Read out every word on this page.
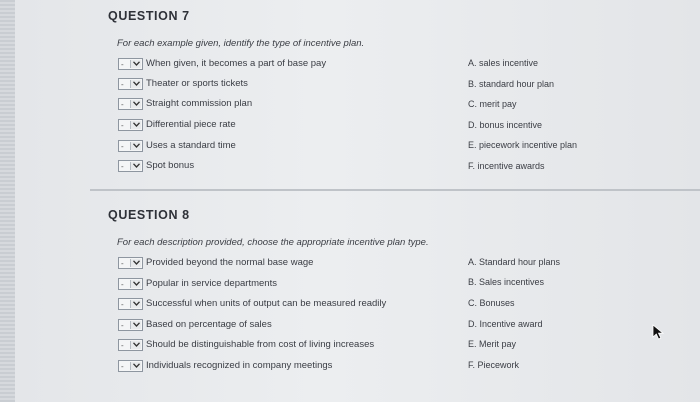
QUESTION 7
For each example given, identify the type of incentive plan.
- When given, it becomes a part of base pay
- Theater or sports tickets
- Straight commission plan
- Differential piece rate
- Uses a standard time
- Spot bonus
A. sales incentive
B. standard hour plan
C. merit pay
D. bonus incentive
E. piecework incentive plan
F. incentive awards
QUESTION 8
For each description provided, choose the appropriate incentive plan type.
- Provided beyond the normal base wage
- Popular in service departments
- Successful when units of output can be measured readily
- Based on percentage of sales
- Should be distinguishable from cost of living increases
- Individuals recognized in company meetings
A. Standard hour plans
B. Sales incentives
C. Bonuses
D. Incentive award
E. Merit pay
F. Piecework
